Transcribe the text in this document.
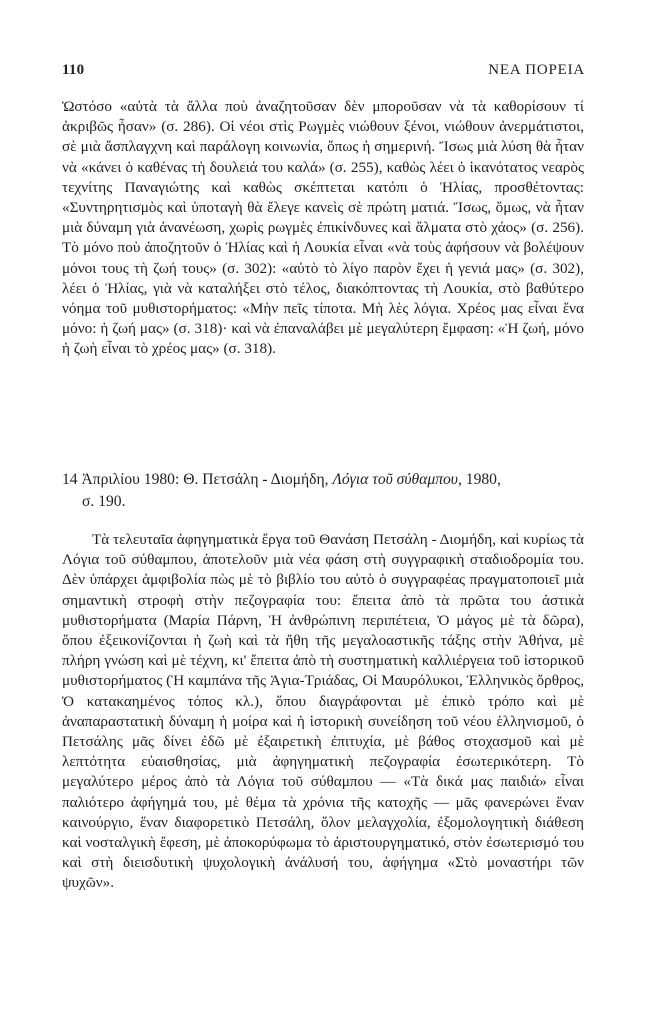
110	ΝΕΑ ΠΟΡΕΙΑ

Ὡστόσο «αὐτὰ τὰ ἄλλα ποὺ ἀναζητοῦσαν δὲν μποροῦσαν νὰ τὰ καθορίσουν τί ἀκριβῶς ἦσαν» (σ. 286). Οἱ νέοι στὶς Ρωγμὲς νιώθουν ξένοι, νιώθουν ἀνερμάτιστοι, σὲ μιὰ ἄσπλαγχνη καὶ παράλογη κοινωνία, ὅπως ἡ σημερινή. Ἴσως μιὰ λύση θὰ ἦταν νὰ «κάνει ὁ καθένας τὴ δουλειά του καλά» (σ. 255), καθὼς λέει ὁ ἱκανότατος νεαρὸς τεχνίτης Παναγιώτης καὶ καθὼς σκέπτεται κατόπι ὁ Ἠλίας, προσθέτοντας: «Συντηρητισμὸς καὶ ὑποταγὴ θὰ ἔλεγε κανεὶς σὲ πρώτη ματιά. Ἴσως, ὅμως, νὰ ἦταν μιὰ δύναμη γιὰ ἀνανέωση, χωρὶς ρωγμὲς ἐπικίνδυνες καὶ ἅλματα στὸ χάος» (σ. 256). Τὸ μόνο ποὺ ἀποζητοῦν ὁ Ἠλίας καὶ ἡ Λουκία εἶναι «νὰ τοὺς ἀφήσουν νὰ βολέψουν μόνοι τους τὴ ζωή τους» (σ. 302): «αὐτὸ τὸ λίγο παρὸν ἔχει ἡ γενιά μας» (σ. 302), λέει ὁ Ἠλίας, γιὰ νὰ καταλήξει στὸ τέλος, διακόπτοντας τὴ Λουκία, στὸ βαθύτερο νόημα τοῦ μυθιστορήματος: «Μὴν πεῖς τίποτα. Μὴ λὲς λόγια. Χρέος μας εἶναι ἕνα μόνο: ἡ ζωή μας» (σ. 318)· καὶ νὰ ἐπαναλάβει μὲ μεγαλύτερη ἔμφαση: «Ἡ ζωή, μόνο ἡ ζωὴ εἶναι τὸ χρέος μας» (σ. 318).

14 Ἀπριλίου 1980: Θ. Πετσάλη - Διομήδη, Λόγια τοῦ σύθαμπου, 1980,
σ. 190.

Τὰ τελευταῖα ἀφηγηματικὰ ἔργα τοῦ Θανάση Πετσάλη - Διομήδη, καὶ κυρίως τὰ Λόγια τοῦ σύθαμπου, ἀποτελοῦν μιὰ νέα φάση στὴ συγγραφικὴ σταδιοδρομία του. Δὲν ὑπάρχει ἀμφιβολία πὼς μὲ τὸ βιβλίο του αὐτὸ ὁ συγγραφέας πραγματοποιεῖ μιὰ σημαντικὴ στροφὴ στὴν πεζογραφία του: ἔπειτα ἀπὸ τὰ πρῶτα του ἀστικὰ μυθιστορήματα (Μαρία Πάρνη, Ἡ ἀνθρώπινη περιπέτεια, Ὁ μάγος μὲ τὰ δῶρα), ὅπου ἐξεικονίζονται ἡ ζωὴ καὶ τὰ ἤθη τῆς μεγαλοαστικῆς τάξης στὴν Ἀθήνα, μὲ πλήρη γνώση καὶ μὲ τέχνη, κι' ἔπειτα ἀπὸ τὴ συστηματικὴ καλλιέργεια τοῦ ἱστορικοῦ μυθιστορήματος (Ἡ καμπάνα τῆς Ἁγια-Τριάδας, Οἱ Μαυρόλυκοι, Ἑλληνικὸς ὄρθρος, Ὁ κατακαημένος τόπος κλ.), ὅπου διαγράφονται μὲ ἐπικὸ τρόπο καὶ μὲ ἀναπαραστατικὴ δύναμη ἡ μοίρα καὶ ἡ ἱστορικὴ συνείδηση τοῦ νέου ἑλληνισμοῦ, ὁ Πετσάλης μᾶς δίνει ἐδῶ μὲ ἐξαιρετικὴ ἐπιτυχία, μὲ βάθος στοχασμοῦ καὶ μὲ λεπτότητα εὐαισθησίας, μιὰ ἀφηγηματικὴ πεζογραφία ἐσωτερικότερη. Τὸ μεγαλύτερο μέρος ἀπὸ τὰ Λόγια τοῦ σύθαμπου — «Τὰ δικά μας παιδιά» εἶναι παλιότερο ἀφήγημά του, μὲ θέμα τὰ χρόνια τῆς κατοχῆς — μᾶς φανερώνει ἕναν καινούργιο, ἕναν διαφορετικὸ Πετσάλη, ὅλον μελαγχολία, ἐξομολογητικὴ διάθεση καὶ νοσταλγικὴ ἔφεση, μὲ ἀποκορύφωμα τὸ ἀριστουργηματικό, στὸν ἐσωτερισμό του καὶ στὴ διεισδυτικὴ ψυχολογικὴ ἀνάλυσή του, ἀφήγημα «Στὸ μοναστήρι τῶν ψυχῶν».
